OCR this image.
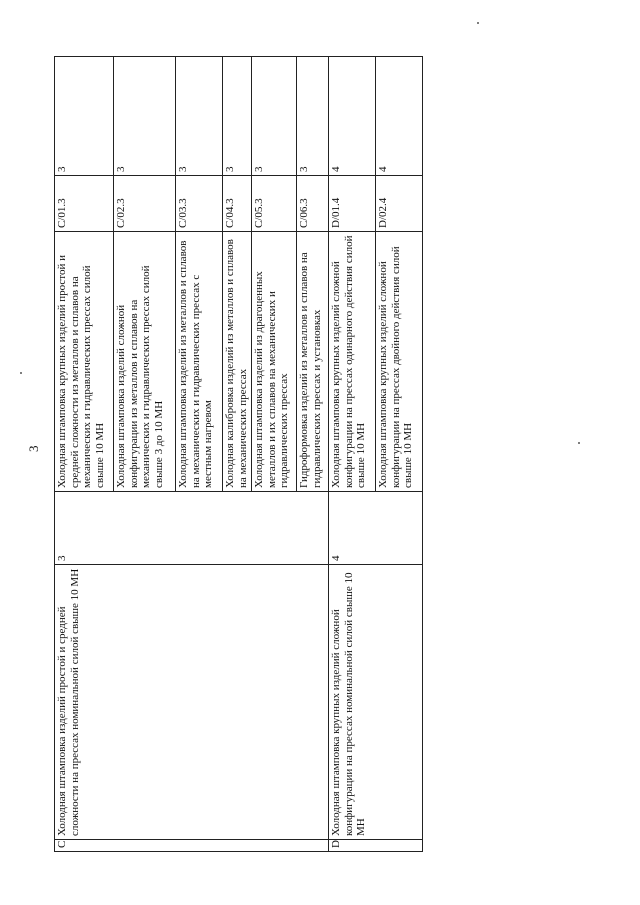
3
C	Холодная штамповка изделий простой и средней сложности на прессах номинальной силой свыше 10 МН	3	Холодная штамповка крупных изделий простой и средней сложности из металлов и сплавов на механических и гидравлических прессах силой свыше 10 МН	C/01.3	3
			Холодная штамповка изделий сложной конфигурации из металлов и сплавов на механических и гидравлических прессах силой свыше 3 до 10 МН	C/02.3	3
			Холодная штамповка изделий из металлов и сплавов на механических и гидравлических прессах с местным нагревом	C/03.3	3
			Холодная калибровка изделий из металлов и сплавов на механических прессах	C/04.3	3
			Холодная штамповка изделий из драгоценных металлов и их сплавов на механических и гидравлических прессах	C/05.3	3
			Гидроформовка изделий из металлов и сплавов на гидравлических прессах и установках	C/06.3	3
D	Холодная штамповка крупных изделий сложной конфигурации на прессах номинальной силой свыше 10 МН	4	Холодная штамповка крупных изделий сложной конфигурации на прессах одинарного действия силой свыше 10 МН	D/01.4	4
			Холодная штамповка крупных изделий сложной конфигурации на прессах двойного действия силой свыше 10 МН	D/02.4	4
